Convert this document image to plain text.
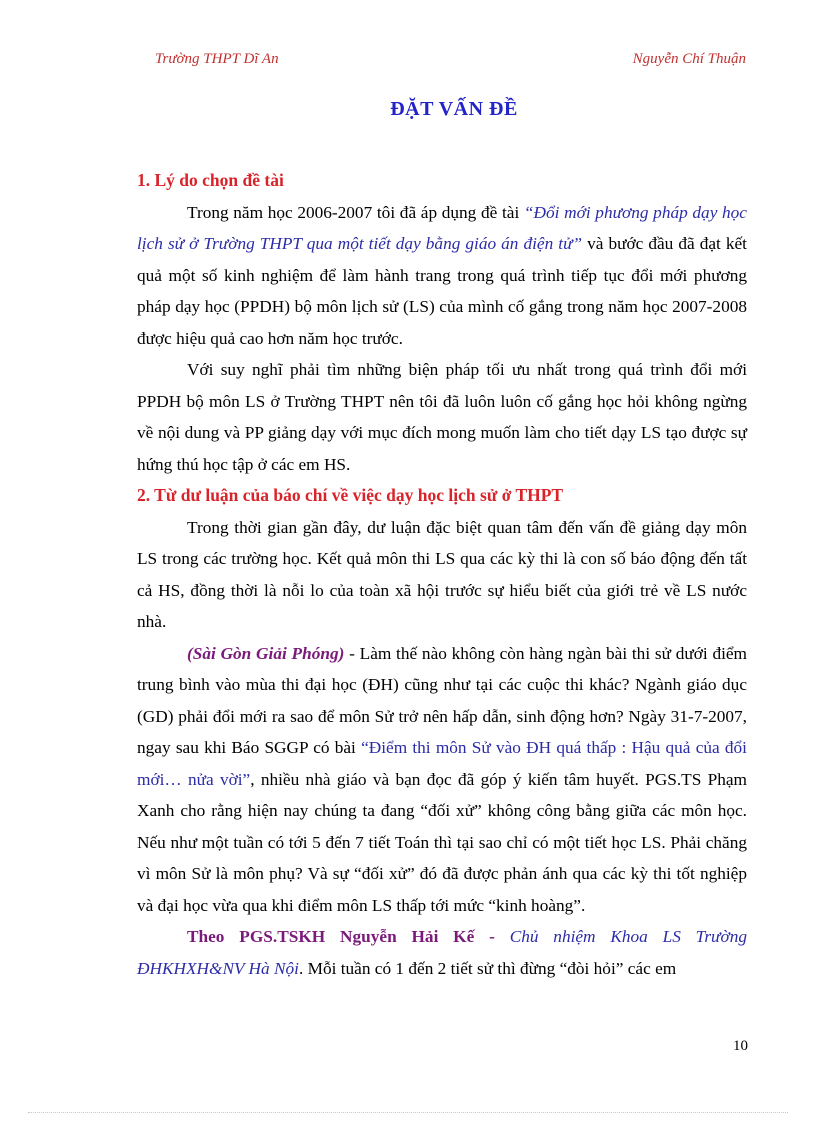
Trường THPT Dĩ An	Nguyễn Chí Thuận
ĐẶT VẤN ĐỀ
1. Lý do chọn đề tài

Trong năm học 2006-2007 tôi đã áp dụng đề tài “Đổi mới phương pháp dạy học lịch sử ở Trường THPT qua một tiết dạy bằng giáo án điện tử” và bước đầu đã đạt kết quả một số kinh nghiệm để làm hành trang trong quá trình tiếp tục đổi mới phương pháp dạy học (PPDH) bộ môn lịch sử (LS) của mình cố gắng trong năm học 2007-2008 được hiệu quả cao hơn năm học trước.

Với suy nghĩ phải tìm những biện pháp tối ưu nhất trong quá trình đổi mới PPDH bộ môn LS ở Trường THPT nên tôi đã luôn luôn cố gắng học hỏi không ngừng về nội dung và PP giảng dạy với mục đích mong muốn làm cho tiết dạy LS tạo được sự hứng thú học tập ở các em HS.

2. Từ dư luận của báo chí về việc dạy học lịch sử ở THPT

Trong thời gian gần đây, dư luận đặc biệt quan tâm đến vấn đề giảng dạy môn LS trong các trường học. Kết quả môn thi LS qua các kỳ thi là con số báo động đến tất cả HS, đồng thời là nỗi lo của toàn xã hội trước sự hiểu biết của giới trẻ về LS nước nhà.

(Sài Gòn Giải Phóng) - Làm thế nào không còn hàng ngàn bài thi sử dưới điểm trung bình vào mùa thi đại học (ĐH) cũng như tại các cuộc thi khác? Ngành giáo dục (GD) phải đổi mới ra sao để môn Sử trở nên hấp dẫn, sinh động hơn? Ngày 31-7-2007, ngay sau khi Báo SGGP có bài “Điểm thi môn Sử vào ĐH quá thấp : Hậu quả của đổi mới… nửa vời”, nhiều nhà giáo và bạn đọc đã góp ý kiến tâm huyết. PGS.TS Phạm Xanh cho rằng hiện nay chúng ta đang “đối xử” không công bằng giữa các môn học. Nếu như một tuần có tới 5 đến 7 tiết Toán thì tại sao chỉ có một tiết học LS. Phải chăng vì môn Sử là môn phụ? Và sự “đối xử” đó đã được phản ánh qua các kỳ thi tốt nghiệp và đại học vừa qua khi điểm môn LS thấp tới mức “kinh hoàng”.

Theo PGS.TSKH Nguyễn Hải Kế - Chủ nhiệm Khoa LS Trường ĐHKHXH&NV Hà Nội. Mỗi tuần có 1 đến 2 tiết sử thì đừng “đòi hỏi” các em

10
